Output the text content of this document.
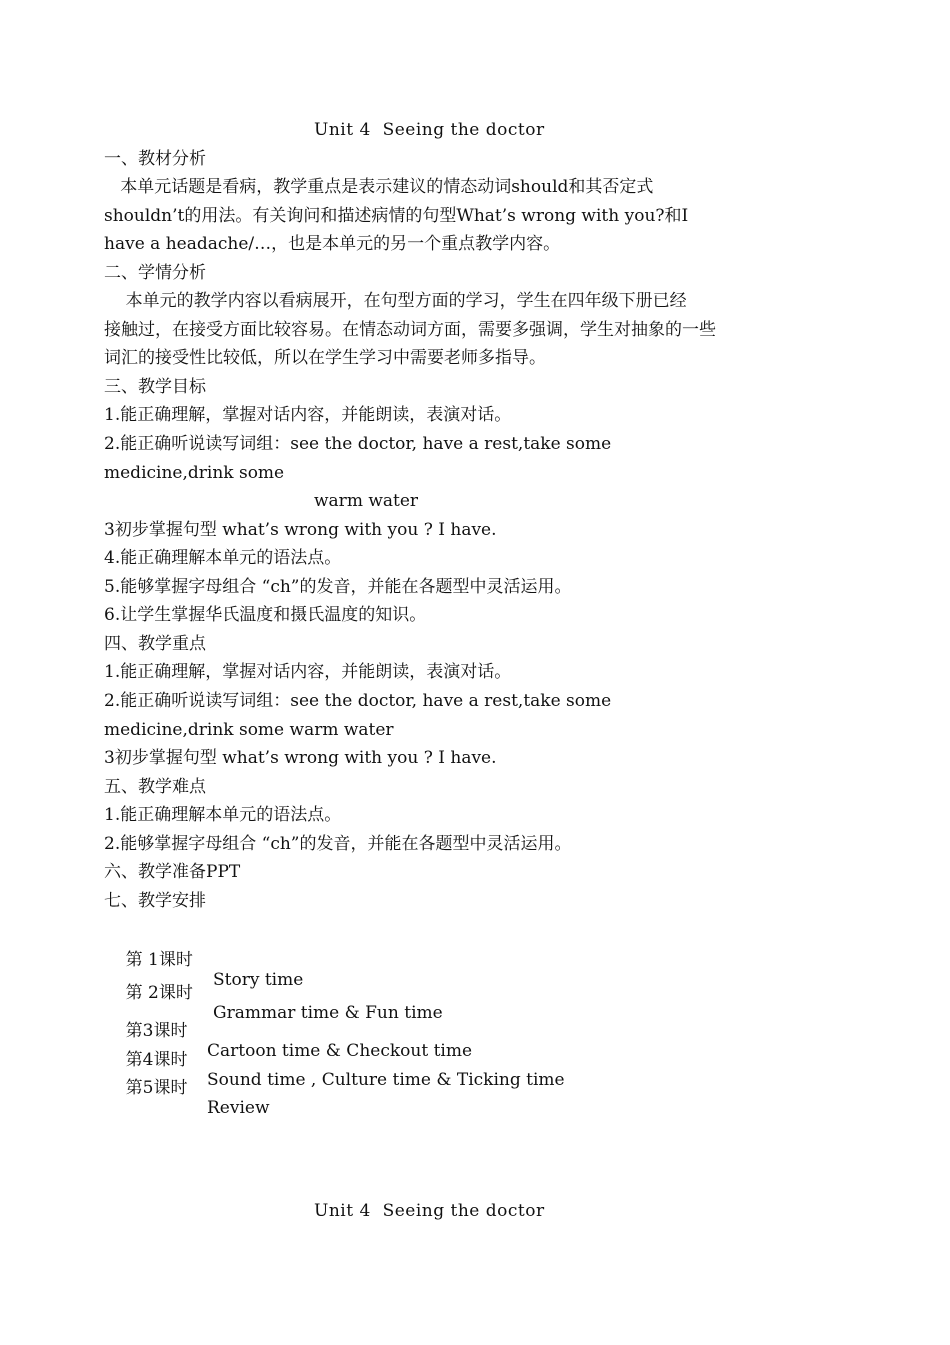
Unit 4  Seeing the doctor
一、教材分析
本单元话题是看病，教学重点是表示建议的情态动词should和其否定式
shouldn’t的用法。有关询问和描述病情的句型What’s wrong with you?和I
have a headache/…，也是本单元的另一个重点教学内容。
二、学情分析
本单元的教学内容以看病展开，在句型方面的学习，学生在四年级下册已经
接触过，在接受方面比较容易。在情态动词方面，需要多强调，学生对抽象的一些
词汇的接受性比较低，所以在学生学习中需要老师多指导。
三、教学目标
1.能正确理解，掌握对话内容，并能朗读，表演对话。
2.能正确听说读写词组：see the doctor, have a rest,take some
medicine,drink some
warm water
3初步掌握句型 what’s wrong with you ? I have.
4.能正确理解本单元的语法点。
5.能够掌握字母组合 “ch”的发音，并能在各题型中灵活运用。
6.让学生掌握华氏温度和摄氏温度的知识。
四、教学重点
1.能正确理解，掌握对话内容，并能朗读，表演对话。
2.能正确听说读写词组：see the doctor, have a rest,take some
medicine,drink some warm water
3初步掌握句型 what’s wrong with you ? I have.
五、教学难点
1.能正确理解本单元的语法点。
2.能够掌握字母组合 “ch”的发音，并能在各题型中灵活运用。
六、教学准备PPT
七、教学安排

第 1课时

Story time

第 2课时

Grammar time & Fun time

第3课时

Cartoon time & Checkout time

第4课时

Sound time , Culture time & Ticking time

第5课时

Review

Unit 4  Seeing the doctor
